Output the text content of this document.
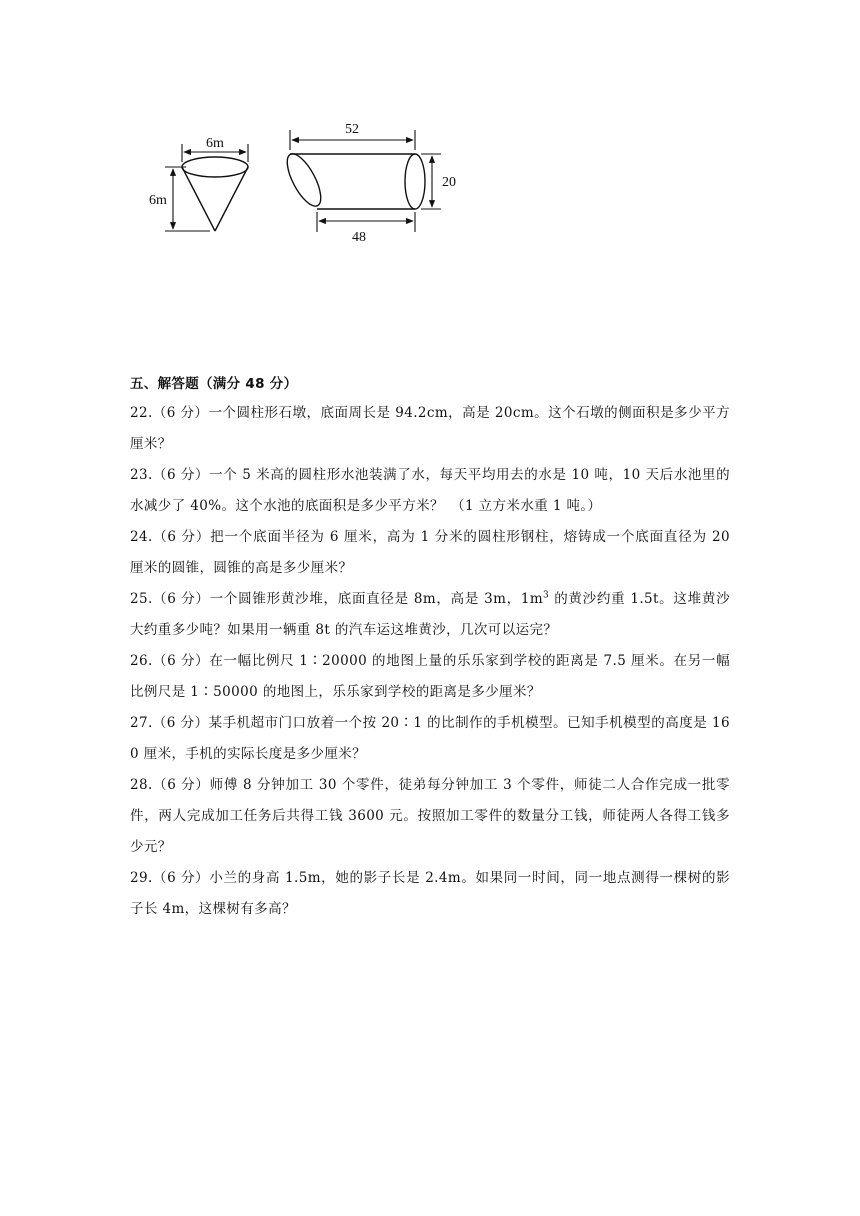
6m
6m
52
48
20
五、解答题（满分 48 分）
22.（6 分）一个圆柱形石墩，底面周长是 94.2cm，高是 20cm。这个石墩的侧面积是多少平方厘米？
23.（6 分）一个 5 米高的圆柱形水池装满了水，每天平均用去的水是 10 吨，10 天后水池里的水减少了 40%。这个水池的底面积是多少平方米？　（1 立方米水重 1 吨。）
24.（6 分）把一个底面半径为 6 厘米，高为 1 分米的圆柱形钢柱，熔铸成一个底面直径为 20 厘米的圆锥，圆锥的高是多少厘米？
25.（6 分）一个圆锥形黄沙堆，底面直径是 8m，高是 3m，$1m^3$ 的黄沙约重 1.5t。这堆黄沙大约重多少吨？如果用一辆重 8t 的汽车运这堆黄沙，几次可以运完？
26.（6 分）在一幅比例尺 1∶20000 的地图上量的乐乐家到学校的距离是 7.5 厘米。在另一幅比例尺是 1∶50000 的地图上，乐乐家到学校的距离是多少厘米？
27.（6 分）某手机超市门口放着一个按 20∶1 的比制作的手机模型。已知手机模型的高度是 160 厘米，手机的实际长度是多少厘米？
28.（6 分）师傅 8 分钟加工 30 个零件，徒弟每分钟加工 3 个零件，师徒二人合作完成一批零件，两人完成加工任务后共得工钱 3600 元。按照加工零件的数量分工钱，师徒两人各得工钱多少元？
29.（6 分）小兰的身高 1.5m，她的影子长是 2.4m。如果同一时间，同一地点测得一棵树的影子长 4m，这棵树有多高？
